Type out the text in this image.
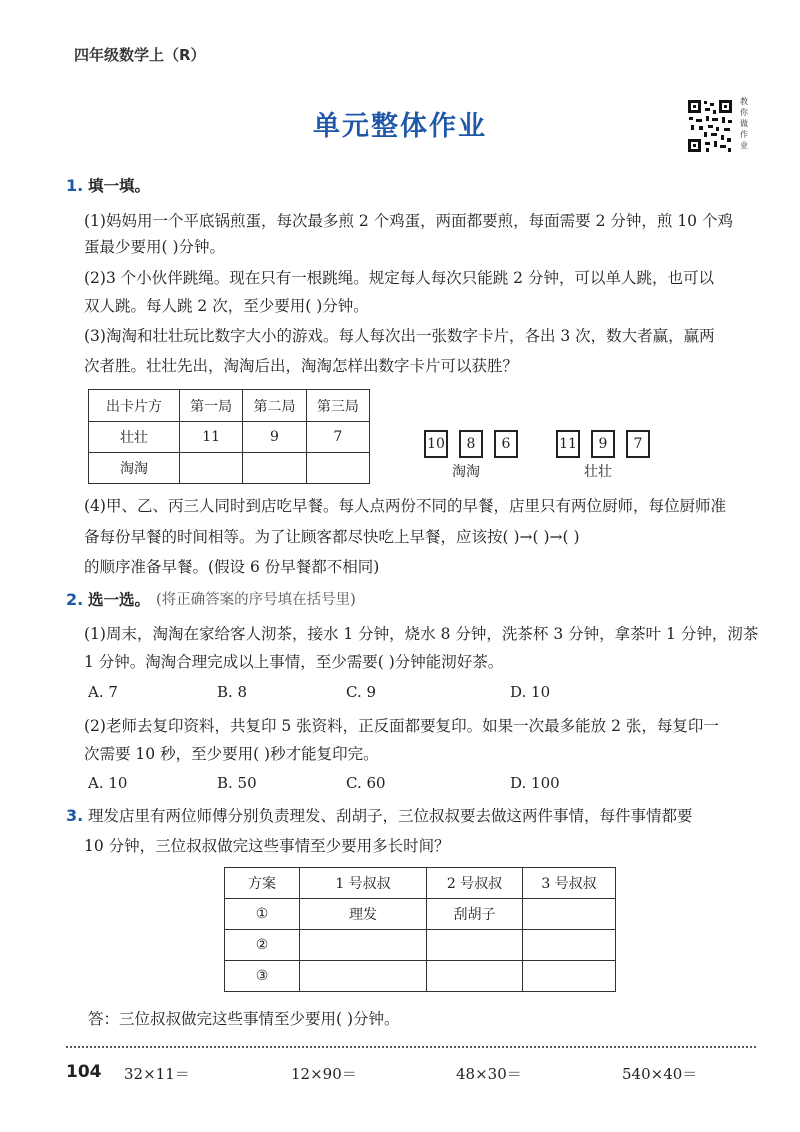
四年级数学上（R）
单元整体作业
教你做作业
1. 填一填。
(1)妈妈用一个平底锅煎蛋，每次最多煎 2 个鸡蛋，两面都要煎，每面需要 2 分钟，煎 10 个鸡
蛋最少要用( )分钟。
(2)3 个小伙伴跳绳。现在只有一根跳绳。规定每人每次只能跳 2 分钟，可以单人跳，也可以
双人跳。每人跳 2 次，至少要用( )分钟。
(3)淘淘和壮壮玩比数字大小的游戏。每人每次出一张数字卡片，各出 3 次，数大者赢，赢两
次者胜。壮壮先出，淘淘后出，淘淘怎样出数字卡片可以获胜？
出卡片方	第一局	第二局	第三局
壮壮	11	9	7
淘淘			
10	8	6
淘淘
11	9	7
壮壮
(4)甲、乙、丙三人同时到店吃早餐。每人点两份不同的早餐，店里只有两位厨师，每位厨师准
备每份早餐的时间相等。为了让顾客都尽快吃上早餐，应该按( )→( )→( )
的顺序准备早餐。(假设 6 份早餐都不相同)
2. 选一选。 (将正确答案的序号填在括号里)
(1)周末，淘淘在家给客人沏茶，接水 1 分钟，烧水 8 分钟，洗茶杯 3 分钟，拿茶叶 1 分钟，沏茶
1 分钟。淘淘合理完成以上事情，至少需要( )分钟能沏好茶。
A. 7	B. 8	C. 9	D. 10
(2)老师去复印资料，共复印 5 张资料，正反面都要复印。如果一次最多能放 2 张，每复印一
次需要 10 秒，至少要用( )秒才能复印完。
A. 10	B. 50	C. 60	D. 100
3. 理发店里有两位师傅分别负责理发、刮胡子，三位叔叔要去做这两件事情，每件事情都要
10 分钟，三位叔叔做完这些事情至少要用多长时间？
方案	1 号叔叔	2 号叔叔	3 号叔叔
①	理发	刮胡子	
②			
③			
答：三位叔叔做完这些事情至少要用( )分钟。
104 32×11＝	12×90＝	48×30＝	540×40＝
